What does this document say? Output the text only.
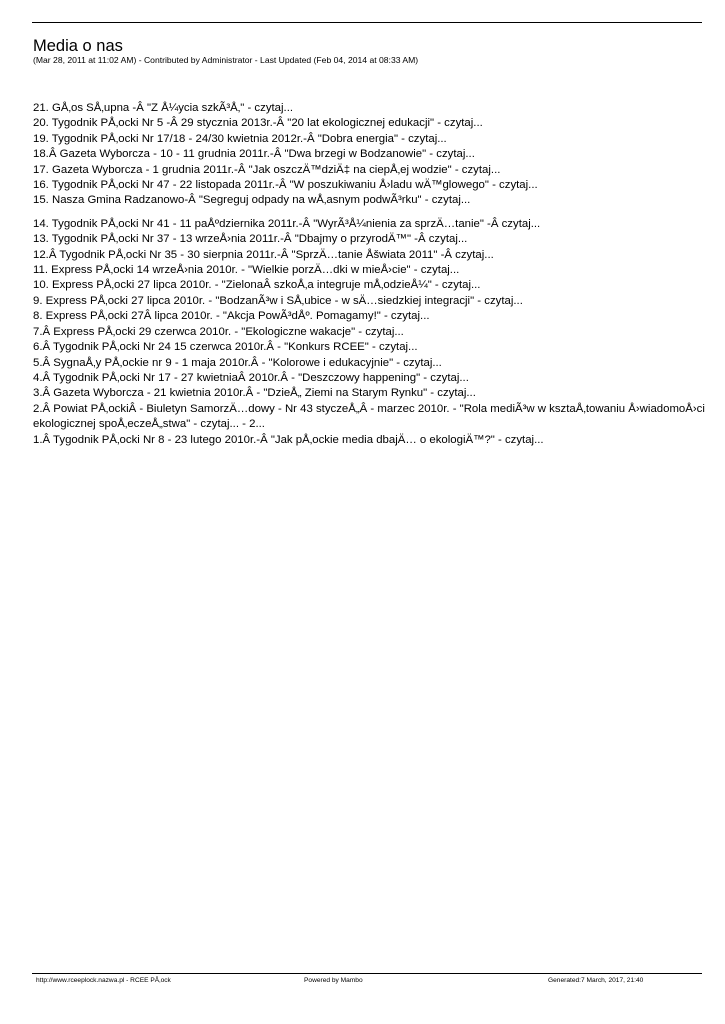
Media o nas
(Mar 28, 2011 at 11:02 AM) - Contributed by Administrator - Last Updated (Feb 04, 2014 at 08:33 AM)
21. GÅ‚os SÅ‚upna -Â "Z Å¼ycia szkÃ³Å‚" - czytaj...
20. Tygodnik PÅ‚ocki Nr 5 -Â 29 stycznia 2013r.-Â "20 lat ekologicznej edukacji" - czytaj...
19. Tygodnik PÅ‚ocki Nr 17/18 - 24/30 kwietnia 2012r.-Â "Dobra energia" - czytaj...
18.Â Gazeta Wyborcza - 10 - 11 grudnia 2011r.-Â "Dwa brzegi w Bodzanowie" - czytaj...
17. Gazeta Wyborcza - 1 grudnia 2011r.-Â "Jak oszczÄ™dziÄ‡ na ciepÅ‚ej wodzie" - czytaj...
16. Tygodnik PÅ‚ocki Nr 47 - 22 listopada 2011r.-Â "W poszukiwaniu Å›ladu wÄ™glowego" - czytaj...
15. Nasza Gmina Radzanowo-Â "Segreguj odpady na wÅ‚asnym podwÃ³rku" - czytaj...
14. Tygodnik PÅ‚ocki Nr 41 - 11 paÅºdziernika 2011r.-Â "WyrÃ³Å¼nienia za sprzÄ…tanie" -Â czytaj...
13. Tygodnik PÅ‚ocki Nr 37 - 13 wrzeÅ›nia 2011r.-Â "Dbajmy o przyrodÄ™" -Â czytaj...
12.Â Tygodnik PÅ‚ocki Nr 35 - 30 sierpnia 2011r.-Â "SprzÄ…tanie Åšwiata 2011" -Â czytaj...
11. Express PÅ‚ocki 14 wrzeÅ›nia 2010r. - "Wielkie porzÄ…dki w mieÅ›cie" - czytaj...
10. Express PÅ‚ocki 27 lipca 2010r. - "ZielonaÂ szkoÅ‚a integruje mÅ‚odzieÅ¼" - czytaj...
9. Express PÅ‚ocki 27 lipca 2010r. - "BodzanÃ³w i SÅ‚ubice - w sÄ…siedzkiej integracji" - czytaj...
8. Express PÅ‚ocki 27Â lipca 2010r. - "Akcja PowÃ³dÅº. Pomagamy!" - czytaj...
7.Â Express PÅ‚ocki 29 czerwca 2010r. - "Ekologiczne wakacje" - czytaj...
6.Â Tygodnik PÅ‚ocki Nr 24 15 czerwca 2010r.Â - "Konkurs RCEE" - czytaj...
5.Â SygnaÅ‚y PÅ‚ockie nr 9 - 1 maja 2010r.Â - "Kolorowe i edukacyjnie" - czytaj...
4.Â Tygodnik PÅ‚ocki Nr 17 - 27 kwietniaÂ 2010r.Â - "Deszczowy happening" - czytaj...
3.Â Gazeta Wyborcza - 21 kwietnia 2010r.Â - "DzieÅ„ Ziemi na Starym Rynku" - czytaj...
2.Â Powiat PÅ‚ockiÂ - Biuletyn SamorzÄ…dowy - Nr 43 styczeÅ„Â - marzec 2010r. - "Rola mediÃ³w w ksztaÅ‚towaniu Å›wiadomoÅ›ci ekologicznej spoÅ‚eczeÅ„stwa" - czytaj... - 2...
1.Â Tygodnik PÅ‚ocki Nr 8 - 23 lutego 2010r.-Â "Jak pÅ‚ockie media dbajÄ… o ekologiÄ™?" - czytaj...
http://www.rceeplock.nazwa.pl - RCEE PÅ‚ock	Powered by Mambo	Generated:7 March, 2017, 21:40
